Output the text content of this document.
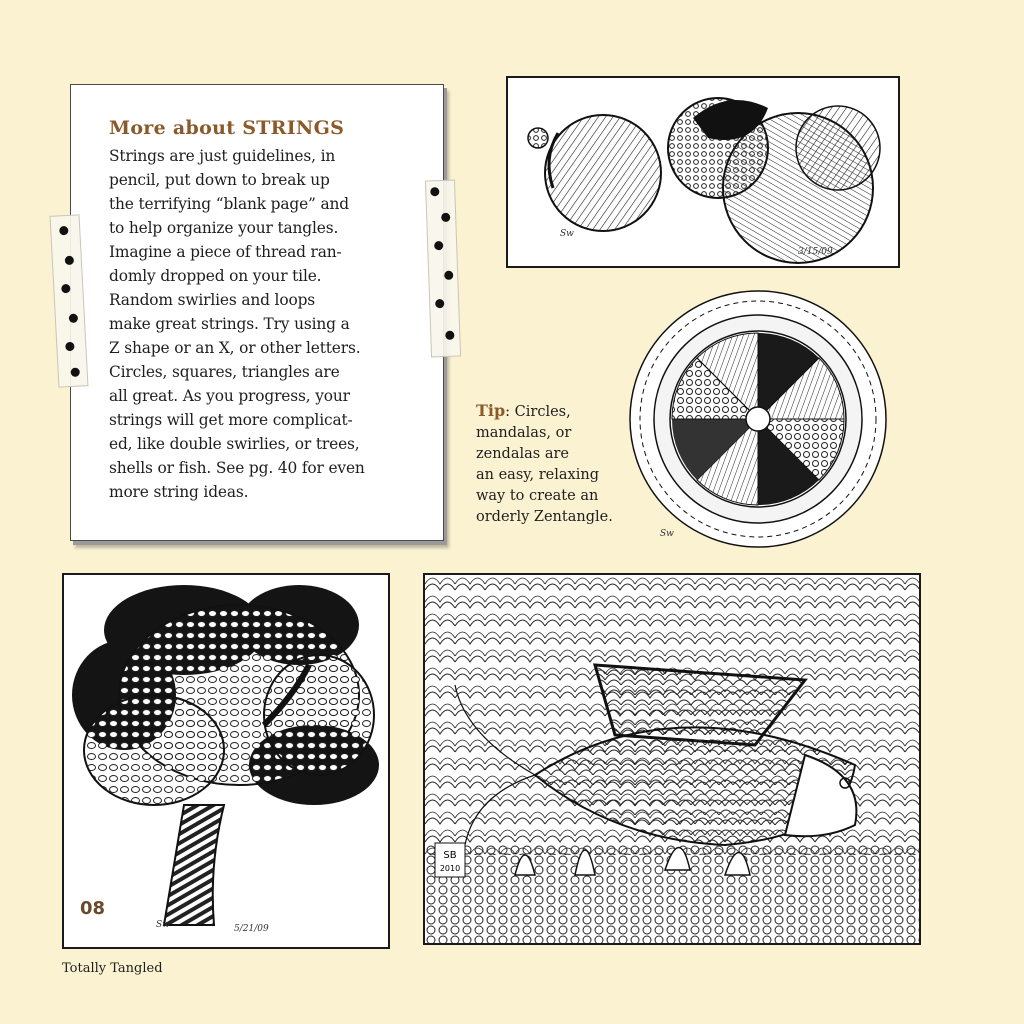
More about STRINGS
Strings are just guidelines, in
pencil, put down to break up
the terrifying “blank page” and
to help organize your tangles.
Imagine a piece of thread ran-
domly dropped on your tile.
Random swirlies and loops
make great strings. Try using a
Z shape or an X, or other letters.
Circles, squares, triangles are
all great. As you progress, your
strings will get more complicat-
ed, like double swirlies, or trees,
shells or fish. See pg. 40 for even
more string ideas.
Sw
3/15/09
Sw
Tip: Circles,
mandalas, or
zendalas are
an easy, relaxing
way to create an
orderly Zentangle.
Sw	5/21/09
08
SB
2010
Totally Tangled
